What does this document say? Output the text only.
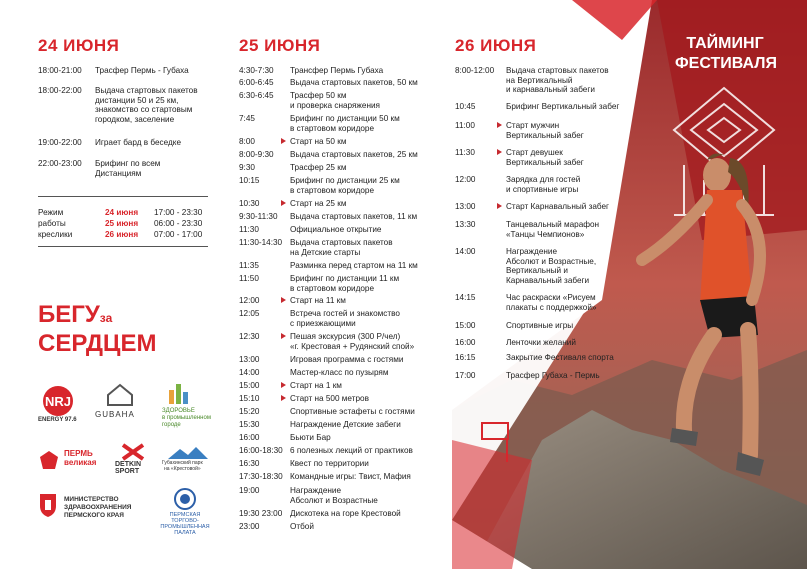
24 ИЮНЯ
18:00-21:00 Трасфер Пермь - Губаха
18:00-22:00 Выдача стартовых пакетов
дистанции 50 и 25 км,
знакомство со стартовым
городком, заселение
19:00-22:00 Играет бард в беседке
22:00-23:00 Брифинг по всем
Дистанциям
Режим
работы
креслики
24 июня 17:00 - 23:30
25 июня 06:00 - 23:30
26 июня 07:00 - 17:00
БЕГУза
СЕРДЦЕМ
NRJ
ENERGY 97.6
GUBAHA	ЗДОРОВЬЕ
в промышленном
городе
ПЕРМЬ
великая	DETKIN
SPORT
Губахинский парк
на «Крестовой»
МИНИСТЕРСТВО
ЗДРАВООХРАНЕНИЯ
ПЕРМСКОГО КРАЯ	ПЕРМСКАЯ
ТОРГОВО-ПРОМЫШЛЕННАЯ
ПАЛАТА
25 ИЮНЯ
4:30-7:30 Трансфер Пермь Губаха
6:00-6:45 Выдача стартовых пакетов, 50 км
6:30-6:45 Трасфер 50 км
и проверка снаряжения
7:45	Брифинг по дистанции 50 км
в стартовом коридоре
8:00	Старт на 50 км
8:00-9:30 Выдача стартовых пакетов, 25 км
9:30	Трасфер 25 км
10:15	Брифинг по дистанции 25 км
в стартовом коридоре
10:30	Старт на 25 км
9:30-11:30 Выдача стартовых пакетов, 11 км
11:30	Официальное открытие
11:30-14:30 Выдача стартовых пакетов
на Детские старты
11:35	Разминка перед стартом на 11 км
11:50	Брифинг по дистанции 11 км
в стартовом коридоре
12:00	Старт на 11 км
12:05	Встреча гостей и знакомство
с приезжающими
12:30	Пешая экскурсия (300 Р/чел)
«г. Крестовая + Рудянский спой»
13:00	Игровая программа с гостями
14:00	Мастер-класс по пузырям
15:00	Старт на 1 км
15:10	Старт на 500 метров
15:20	Спортивные эстафеты с гостями
15:30	Награждение Детские забеги
16:00	Бьюти Бар
16:00-18:30 6 полезных лекций от практиков
16:30	Квест по территории
17:30-18:30 Командные игры: Твист, Мафия
19:00	Награждение
Абсолют и Возрастные
19:30 23:00 Дискотека на горе Крестовой
23:00	Отбой
ТАЙМИНГ
ФЕСТИВАЛЯ
26 ИЮНЯ
8:00-12:00 Выдача стартовых пакетов
на Вертикальный
и карнавальный забеги
10:45	Брифинг Вертикальный забег
11:00	Старт мужчин
Вертикальный забег
11:30	Старт девушек
Вертикальный забег
12:00	Зарядка для гостей
и спортивные игры
13:00	Старт Карнавальный забег
13:30	Танцевальный марафон
«Танцы Чемпионов»
14:00	Награждение
Абсолют и Возрастные,
Вертикальный и
Карнавальный забеги
14:15	Час раскраски «Рисуем
плакаты с поддержкой»
15:00	Спортивные игры
16:00	Ленточки желаний
16:15	Закрытие Фестиваля спорта
17:00	Трасфер Губаха - Пермь
